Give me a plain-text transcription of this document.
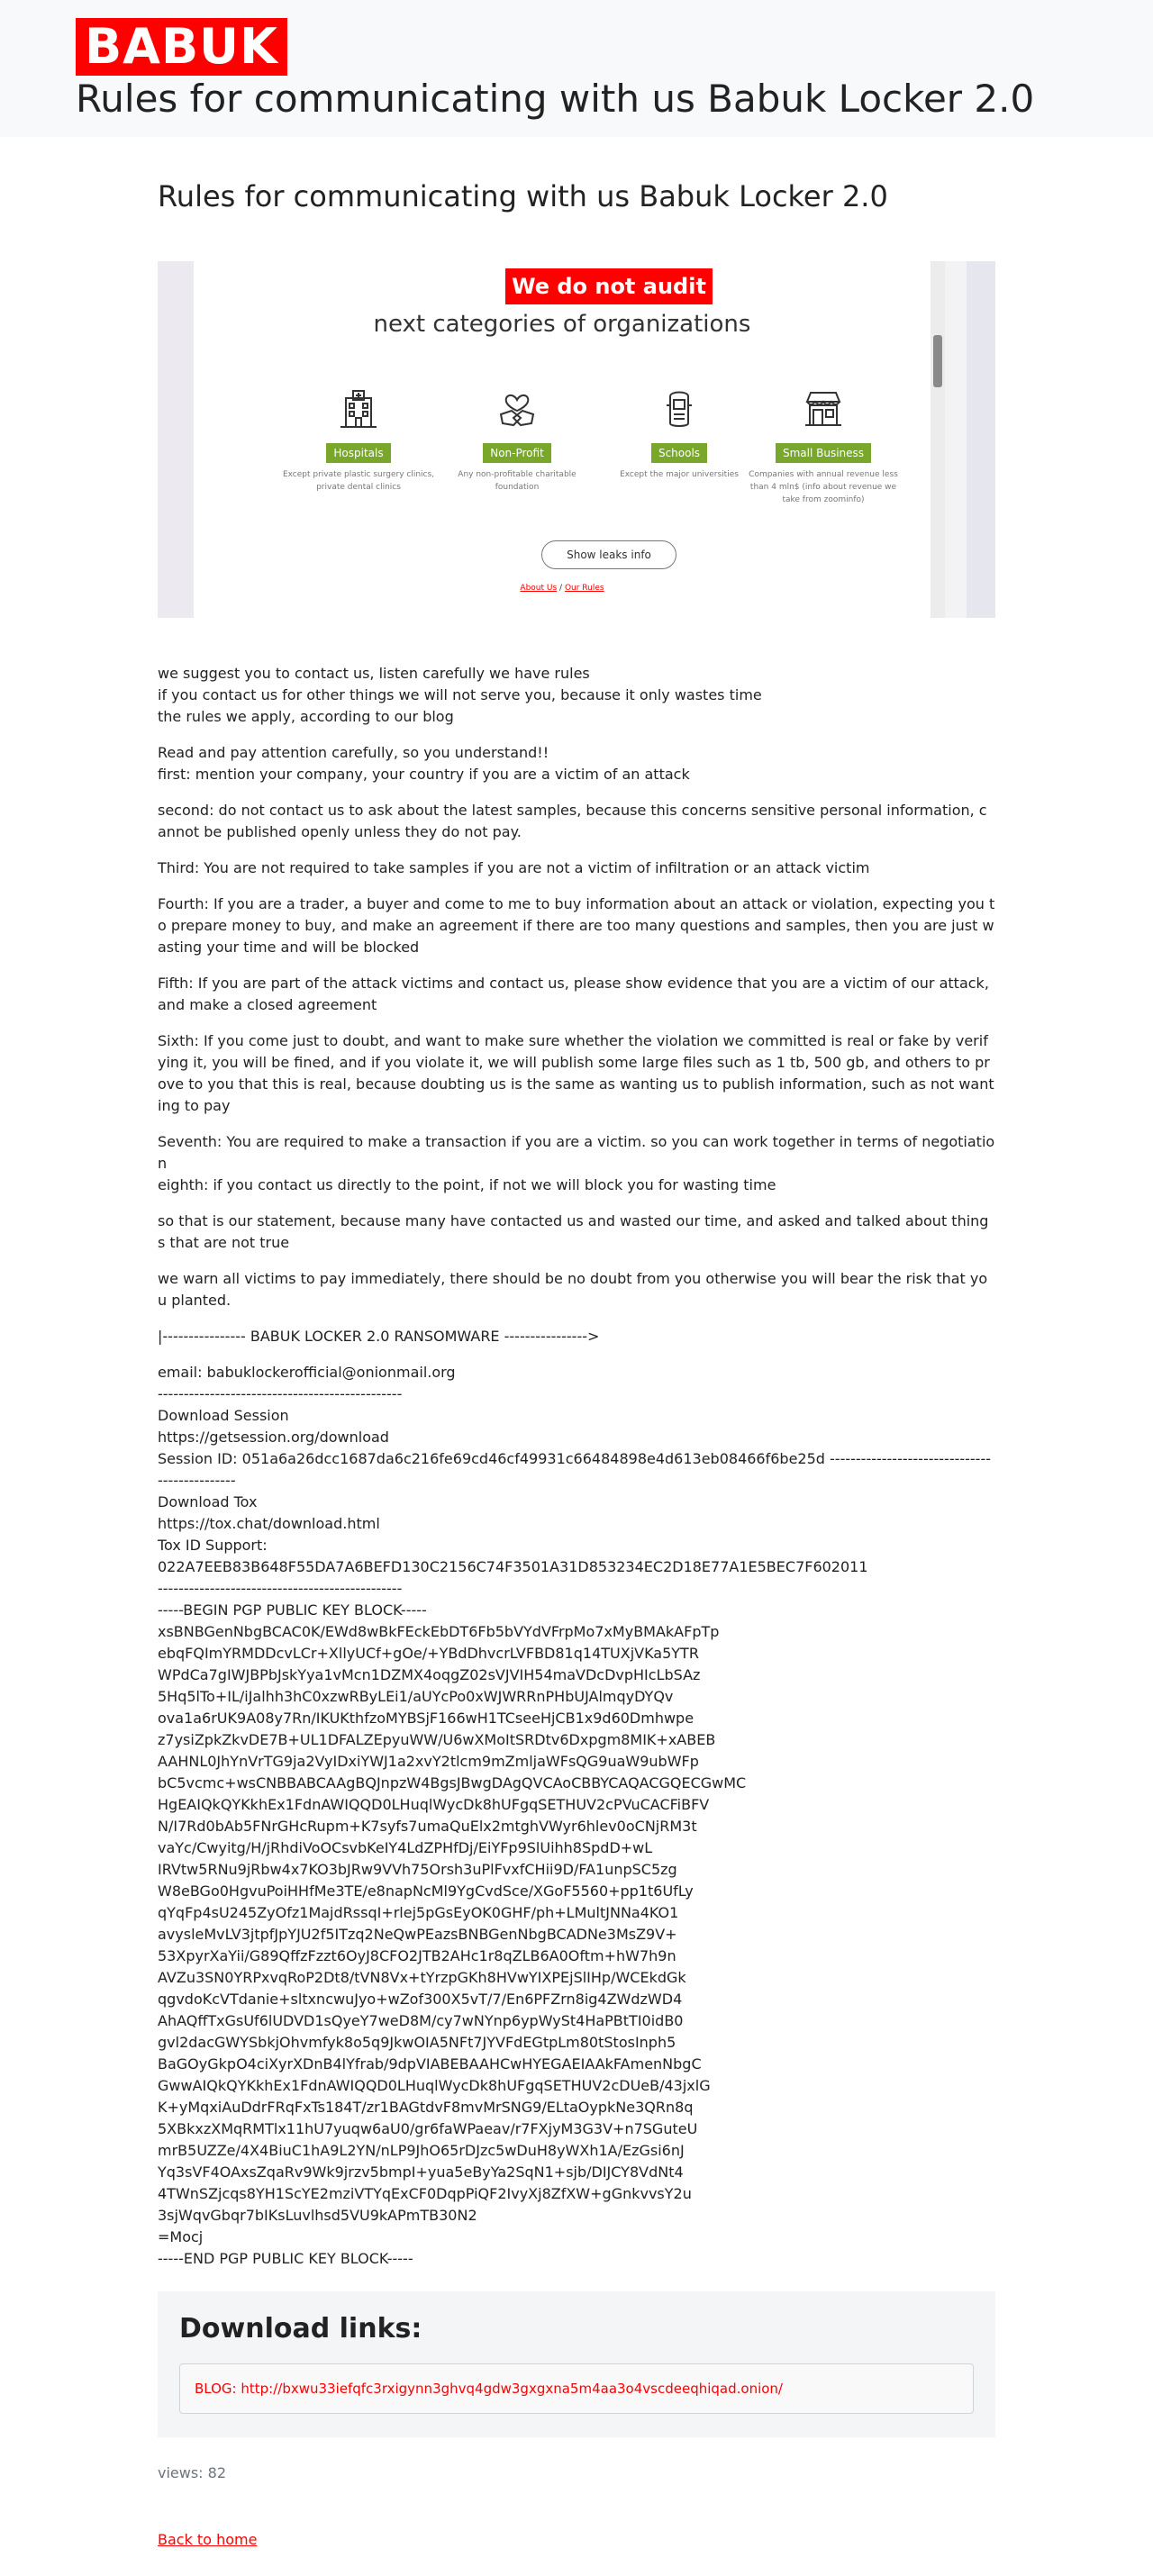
BABUK
Rules for communicating with us Babuk Locker 2.0
Rules for communicating with us Babuk Locker 2.0
We do not audit
next categories of organizations
Hospitals
Except private plastic surgery clinics, private dental clinics
Non-Profit
Any non-profitable charitable foundation
Schools
Except the major universities
Small Business
Companies with annual revenue less than 4 mln$ (info about revenue we take from zoominfo)
Show leaks info
About Us / Our Rules

we suggest you to contact us, listen carefully we have rules
if you contact us for other things we will not serve you, because it only wastes time
the rules we apply, according to our blog

Read and pay attention carefully, so you understand!!
first: mention your company, your country if you are a victim of an attack

second: do not contact us to ask about the latest samples, because this concerns sensitive personal information, cannot be published openly unless they do not pay.

Third: You are not required to take samples if you are not a victim of infiltration or an attack victim

Fourth: If you are a trader, a buyer and come to me to buy information about an attack or violation, expecting you to prepare money to buy, and make an agreement if there are too many questions and samples, then you are just wasting your time and will be blocked

Fifth: If you are part of the attack victims and contact us, please show evidence that you are a victim of our attack, and make a closed agreement

Sixth: If you come just to doubt, and want to make sure whether the violation we committed is real or fake by verifying it, you will be fined, and if you violate it, we will publish some large files such as 1 tb, 500 gb, and others to prove to you that this is real, because doubting us is the same as wanting us to publish information, such as not wanting to pay

Seventh: You are required to make a transaction if you are a victim. so you can work together in terms of negotiation
eighth: if you contact us directly to the point, if not we will block you for wasting time

so that is our statement, because many have contacted us and wasted our time, and asked and talked about things that are not true

we warn all victims to pay immediately, there should be no doubt from you otherwise you will bear the risk that you planted.

|---------------- BABUK LOCKER 2.0 RANSOMWARE ---------------->

email: babuklockerofficial@onionmail.org
-----------------------------------------------
Download Session
https://getsession.org/download
Session ID: 051a6a26dcc1687da6c216fe69cd46cf49931c66484898e4d613eb08466f6be25d ----------------------------------------------
Download Tox
https://tox.chat/download.html
Tox ID Support:
022A7EEB83B648F55DA7A6BEFD130C2156C74F3501A31D853234EC2D18E77A1E5BEC7F602011
-----------------------------------------------
-----BEGIN PGP PUBLIC KEY BLOCK-----
xsBNBGenNbgBCAC0K/EWd8wBkFEckEbDT6Fb5bVYdVFrpMo7xMyBMAkAFpTp
ebqFQImYRMDDcvLCr+XllyUCf+gOe/+YBdDhvcrLVFBD81q14TUXjVKa5YTR
WPdCa7gIWJBPbJskYya1vMcn1DZMX4oqgZ02sVJVIH54maVDcDvpHIcLbSAz
5Hq5lTo+IL/iJalhh3hC0xzwRByLEi1/aUYcPo0xWJWRRnPHbUJAlmqyDYQv
ova1a6rUK9A08y7Rn/IKUKthfzoMYBSjF166wH1TCseeHjCB1x9d60Dmhwpe
z7ysiZpkZkvDE7B+UL1DFALZEpyuWW/U6wXMoItSRDtv6Dxpgm8MIK+xABEB
AAHNL0JhYnVrTG9ja2VyIDxiYWJ1a2xvY2tlcm9mZmljaWFsQG9uaW9ubWFp
bC5vcmc+wsCNBBABCAAgBQJnpzW4BgsJBwgDAgQVCAoCBBYCAQACGQECGwMC
HgEAIQkQYKkhEx1FdnAWIQQD0LHuqlWycDk8hUFgqSETHUV2cPVuCACFiBFV
N/I7Rd0bAb5FNrGHcRupm+K7syfs7umaQuElx2mtghVWyr6hlev0oCNjRM3t
vaYc/Cwyitg/H/jRhdiVoOCsvbKeIY4LdZPHfDj/EiYFp9SlUihh8SpdD+wL
IRVtw5RNu9jRbw4x7KO3bJRw9VVh75Orsh3uPlFvxfCHii9D/FA1unpSC5zg
W8eBGo0HgvuPoiHHfMe3TE/e8napNcMl9YgCvdSce/XGoF5560+pp1t6UfLy
qYqFp4sU245ZyOfz1MajdRssqI+rlej5pGsEyOK0GHF/ph+LMultJNNa4KO1
avysleMvLV3jtpfJpYJU2f5ITzq2NeQwPEazsBNBGenNbgBCADNe3MsZ9V+
53XpyrXaYii/G89QffzFzzt6OyJ8CFO2JTB2AHc1r8qZLB6A0Oftm+hW7h9n
AVZu3SN0YRPxvqRoP2Dt8/tVN8Vx+tYrzpGKh8HVwYIXPEjSlIHp/WCEkdGk
qgvdoKcVTdanie+sltxncwuJyo+wZof300X5vT/7/En6PFZrn8ig4ZWdzWD4
AhAQffTxGsUf6lUDVD1sQyeY7weD8M/cy7wNYnp6ypWySt4HaPBtTI0idB0
gvl2dacGWYSbkjOhvmfyk8o5q9JkwOIA5NFt7JYVFdEGtpLm80tStosInph5
BaGOyGkpO4ciXyrXDnB4lYfrab/9dpVIABEBAAHCwHYEGAEIAAkFAmenNbgC
GwwAIQkQYKkhEx1FdnAWIQQD0LHuqlWycDk8hUFgqSETHUV2cDUeB/43jxlG
K+yMqxiAuDdrFRqFxTs184T/zr1BAGtdvF8mvMrSNG9/ELtaOypkNe3QRn8q
5XBkxzXMqRMTlx11hU7yuqw6aU0/gr6faWPaeav/r7FXjyM3G3V+n7SGuteU
mrB5UZZe/4X4BiuC1hA9L2YN/nLP9JhO65rDJzc5wDuH8yWXh1A/EzGsi6nJ
Yq3sVF4OAxsZqaRv9Wk9jrzv5bmpI+yua5eByYa2SqN1+sjb/DIJCY8VdNt4
4TWnSZjcqs8YH1ScYE2mziVTYqExCF0DqpPiQF2IvyXj8ZfXW+gGnkvvsY2u
3sjWqvGbqr7bIKsLuvlhsd5VU9kAPmTB30N2
=Mocj
-----END PGP PUBLIC KEY BLOCK-----

Download links:
BLOG: http://bxwu33iefqfc3rxigynn3ghvq4gdw3gxgxna5m4aa3o4vscdeeqhiqad.onion/
views: 82
Back to home
